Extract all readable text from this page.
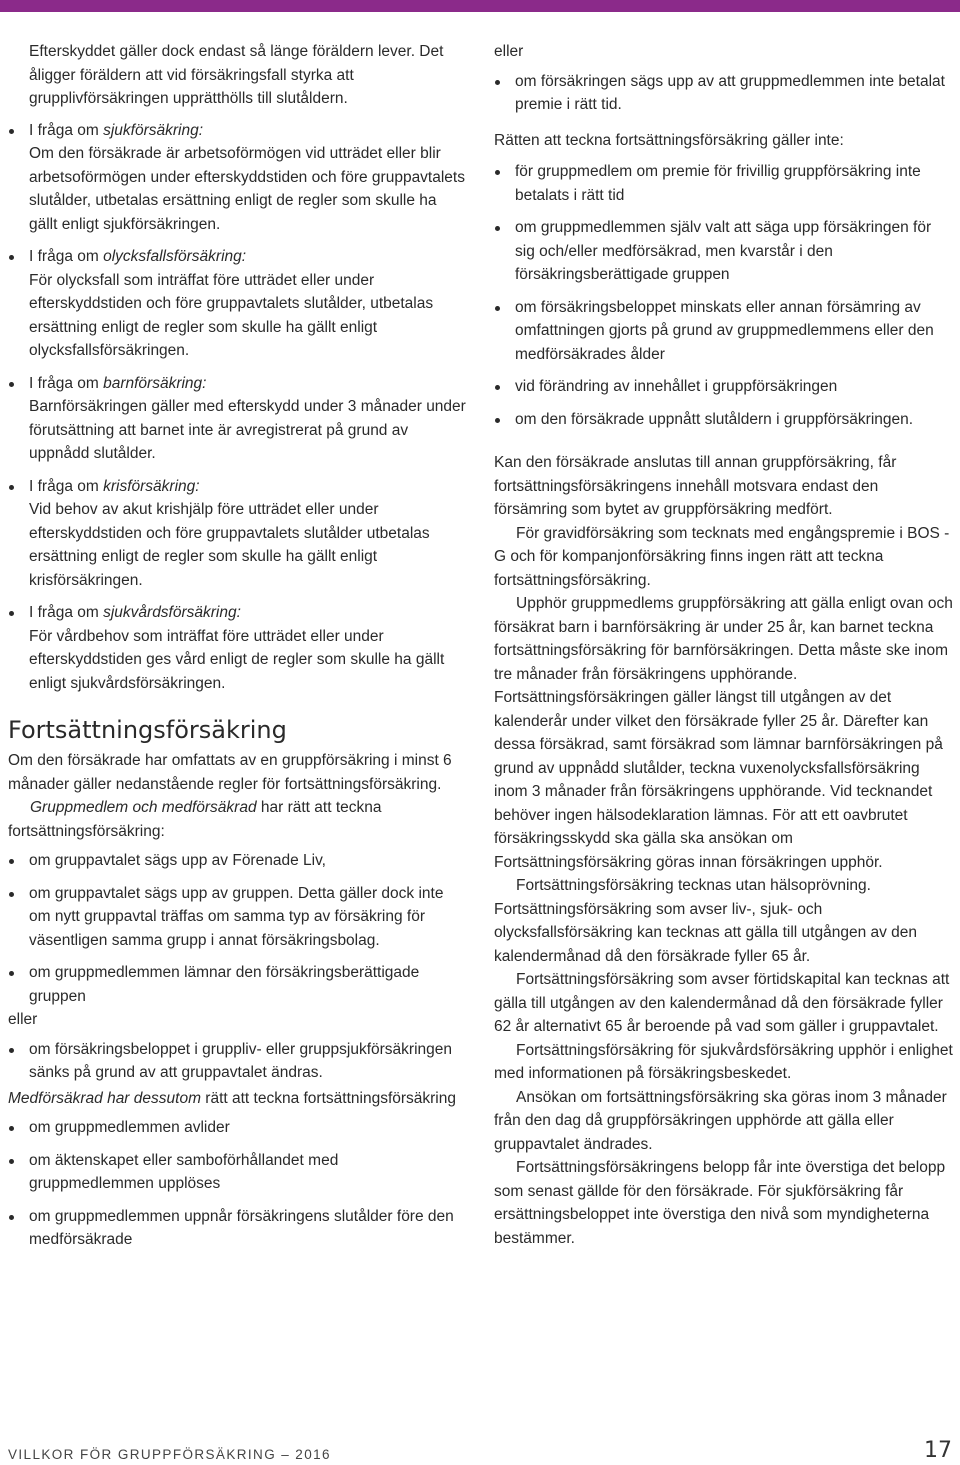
Efterskyddet gäller dock endast så länge föräldern lever. Det åligger föräldern att vid försäkringsfall styrka att grupplivförsäkringen upprätthölls till slutåldern.

I fråga om sjukförsäkring:
Om den försäkrade är arbetsoförmögen vid utträdet eller blir arbetsoförmögen under efterskyddstiden och före gruppavtalets slutålder, utbetalas ersättning enligt de regler som skulle ha gällt enligt sjukförsäkringen.
I fråga om olycksfallsförsäkring:
För olycksfall som inträffat före utträdet eller under efterskyddstiden och före gruppavtalets slutålder, utbetalas ersättning enligt de regler som skulle ha gällt enligt olycksfallsförsäkringen.
I fråga om barnförsäkring:
Barnförsäkringen gäller med efterskydd under 3 månader under förutsättning att barnet inte är avregistrerat på grund av uppnådd slutålder.
I fråga om krisförsäkring:
Vid behov av akut krishjälp före utträdet eller under efterskyddstiden och före gruppavtalets slutålder utbetalas ersättning enligt de regler som skulle ha gällt enligt krisförsäkringen.
I fråga om sjukvårdsförsäkring:
För vårdbehov som inträffat före utträdet eller under efterskyddstiden ges vård enligt de regler som skulle ha gällt enligt sjukvårdsförsäkringen.
Fortsättningsförsäkring

Om den försäkrade har omfattats av en gruppförsäkring i minst 6 månader gäller nedanstående regler för fortsättningsförsäkring.

Gruppmedlem och medförsäkrad har rätt att teckna fortsättningsförsäkring:

om gruppavtalet sägs upp av Förenade Liv,
om gruppavtalet sägs upp av gruppen. Detta gäller dock inte om nytt gruppavtal träffas om samma typ av försäkring för väsentligen samma grupp i annat försäkringsbolag.
om gruppmedlemmen lämnar den försäkringsberättigade gruppen

eller

om försäkringsbeloppet i gruppliv- eller gruppsjukförsäkringen sänks på grund av att gruppavtalet ändras.

Medförsäkrad har dessutom rätt att teckna fortsättningsförsäkring

om gruppmedlemmen avlider
om äktenskapet eller samboförhållandet med gruppmedlemmen upplöses
om gruppmedlemmen uppnår försäkringens slutålder före den medförsäkrade

eller

om försäkringen sägs upp av att gruppmedlemmen inte betalat premie i rätt tid.

Rätten att teckna fortsättningsförsäkring gäller inte:

för gruppmedlem om premie för frivillig gruppförsäkring inte betalats i rätt tid
om gruppmedlemmen själv valt att säga upp försäkringen för sig och/eller medförsäkrad, men kvarstår i den försäkringsberättigade gruppen
om försäkringsbeloppet minskats eller annan försämring av omfattningen gjorts på grund av gruppmedlemmens eller den medförsäkrades ålder
vid förändring av innehållet i gruppförsäkringen
om den försäkrade uppnått slutåldern i gruppförsäkringen.

Kan den försäkrade anslutas till annan gruppförsäkring, får fortsättningsförsäkringens innehåll motsvara endast den försämring som bytet av gruppförsäkring medfört.

För gravidförsäkring som tecknats med engångspremie i BOS - G och för kompanjonförsäkring finns ingen rätt att teckna fortsättningsförsäkring.

Upphör gruppmedlems gruppförsäkring att gälla enligt ovan och försäkrat barn i barnförsäkring är under 25 år, kan barnet teckna fortsättningsförsäkring för barnförsäkringen. Detta måste ske inom tre månader från försäkringens upphörande. Fortsättningsförsäkringen gäller längst till utgången av det kalenderår under vilket den försäkrade fyller 25 år. Därefter kan dessa försäkrad, samt försäkrad som lämnar barnförsäkringen på grund av uppnådd slutålder, teckna vuxenolycksfallsförsäkring inom 3 månader från försäkringens upphörande. Vid tecknandet behöver ingen hälsodeklaration lämnas. För att ett oavbrutet försäkringsskydd ska gälla ska ansökan om Fortsättningsförsäkring göras innan försäkringen upphör.

Fortsättningsförsäkring tecknas utan hälsoprövning. Fortsättningsförsäkring som avser liv-, sjuk- och olycksfallsförsäkring kan tecknas att gälla till utgången av den kalendermånad då den försäkrade fyller 65 år.

Fortsättningsförsäkring som avser förtidskapital kan tecknas att gälla till utgången av den kalendermånad då den försäkrade fyller 62 år alternativt 65 år beroende på vad som gäller i gruppavtalet.

Fortsättningsförsäkring för sjukvårdsförsäkring upphör i enlighet med informationen på försäkringsbeskedet.

Ansökan om fortsättningsförsäkring ska göras inom 3 månader från den dag då gruppförsäkringen upphörde att gälla eller gruppavtalet ändrades.

Fortsättningsförsäkringens belopp får inte överstiga det belopp som senast gällde för den försäkrade. För sjukförsäkring får ersättningsbeloppet inte överstiga den nivå som myndigheterna bestämmer.

VILLKOR FÖR GRUPPFÖRSÄKRING – 2016	17
